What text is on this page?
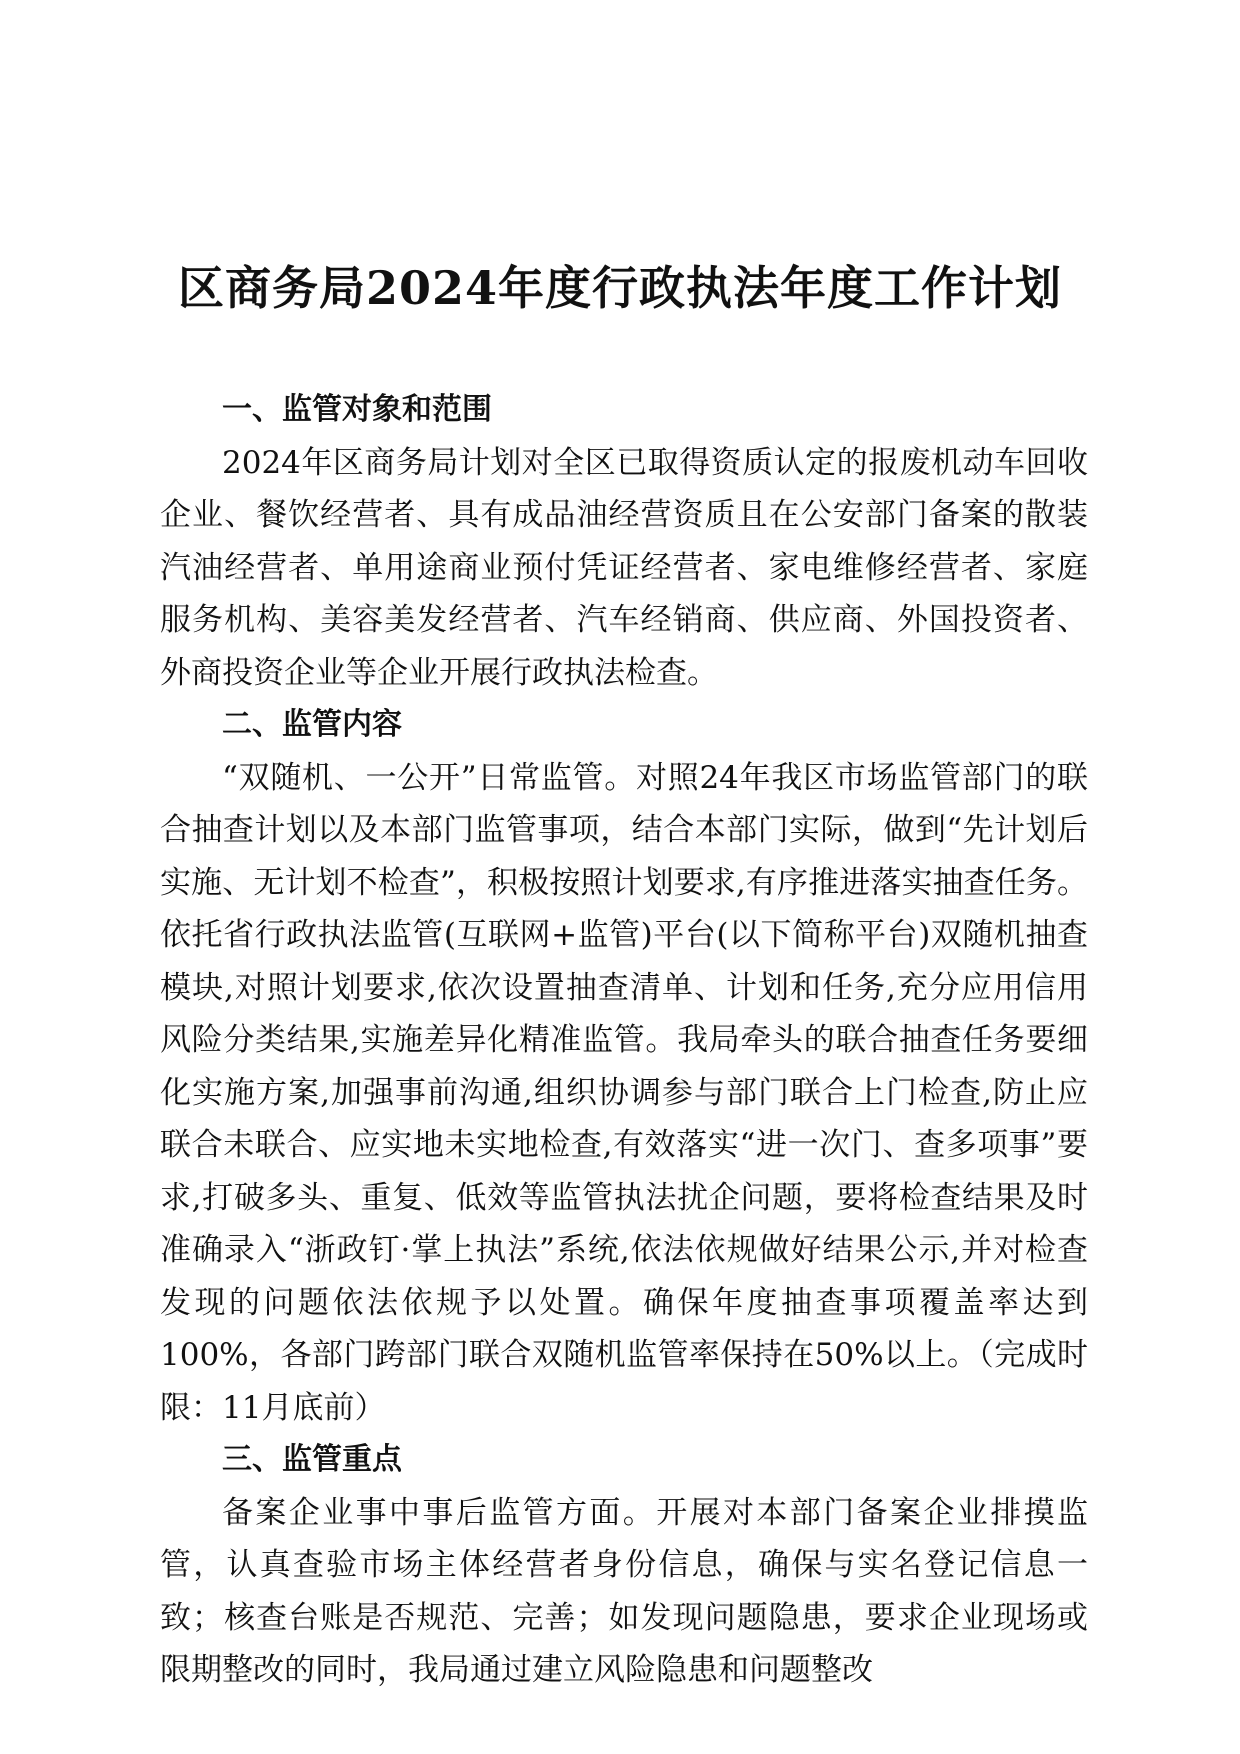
区商务局2024年度行政执法年度工作计划
一、监管对象和范围

2024年区商务局计划对全区已取得资质认定的报废机动车回收企业、餐饮经营者、具有成品油经营资质且在公安部门备案的散装汽油经营者、单用途商业预付凭证经营者、家电维修经营者、家庭服务机构、美容美发经营者、汽车经销商、供应商、外国投资者、外商投资企业等企业开展行政执法检查。

二、监管内容

“双随机、一公开”日常监管。对照24年我区市场监管部门的联合抽查计划以及本部门监管事项，结合本部门实际，做到“先计划后实施、无计划不检查”，积极按照计划要求,有序推进落实抽查任务。依托省行政执法监管(互联网+监管)平台(以下简称平台)双随机抽查模块,对照计划要求,依次设置抽查清单、计划和任务,充分应用信用风险分类结果,实施差异化精准监管。我局牵头的联合抽查任务要细化实施方案,加强事前沟通,组织协调参与部门联合上门检查,防止应联合未联合、应实地未实地检查,有效落实“进一次门、查多项事”要求,打破多头、重复、低效等监管执法扰企问题，要将检查结果及时准确录入“浙政钉·掌上执法”系统,依法依规做好结果公示,并对检查发现的问题依法依规予以处置。确保年度抽查事项覆盖率达到100%，各部门跨部门联合双随机监管率保持在50%以上。（完成时限：11月底前）

三、监管重点

备案企业事中事后监管方面。开展对本部门备案企业排摸监管，认真查验市场主体经营者身份信息，确保与实名登记信息一致；核查台账是否规范、完善；如发现问题隐患，要求企业现场或限期整改的同时，我局通过建立风险隐患和问题整改
